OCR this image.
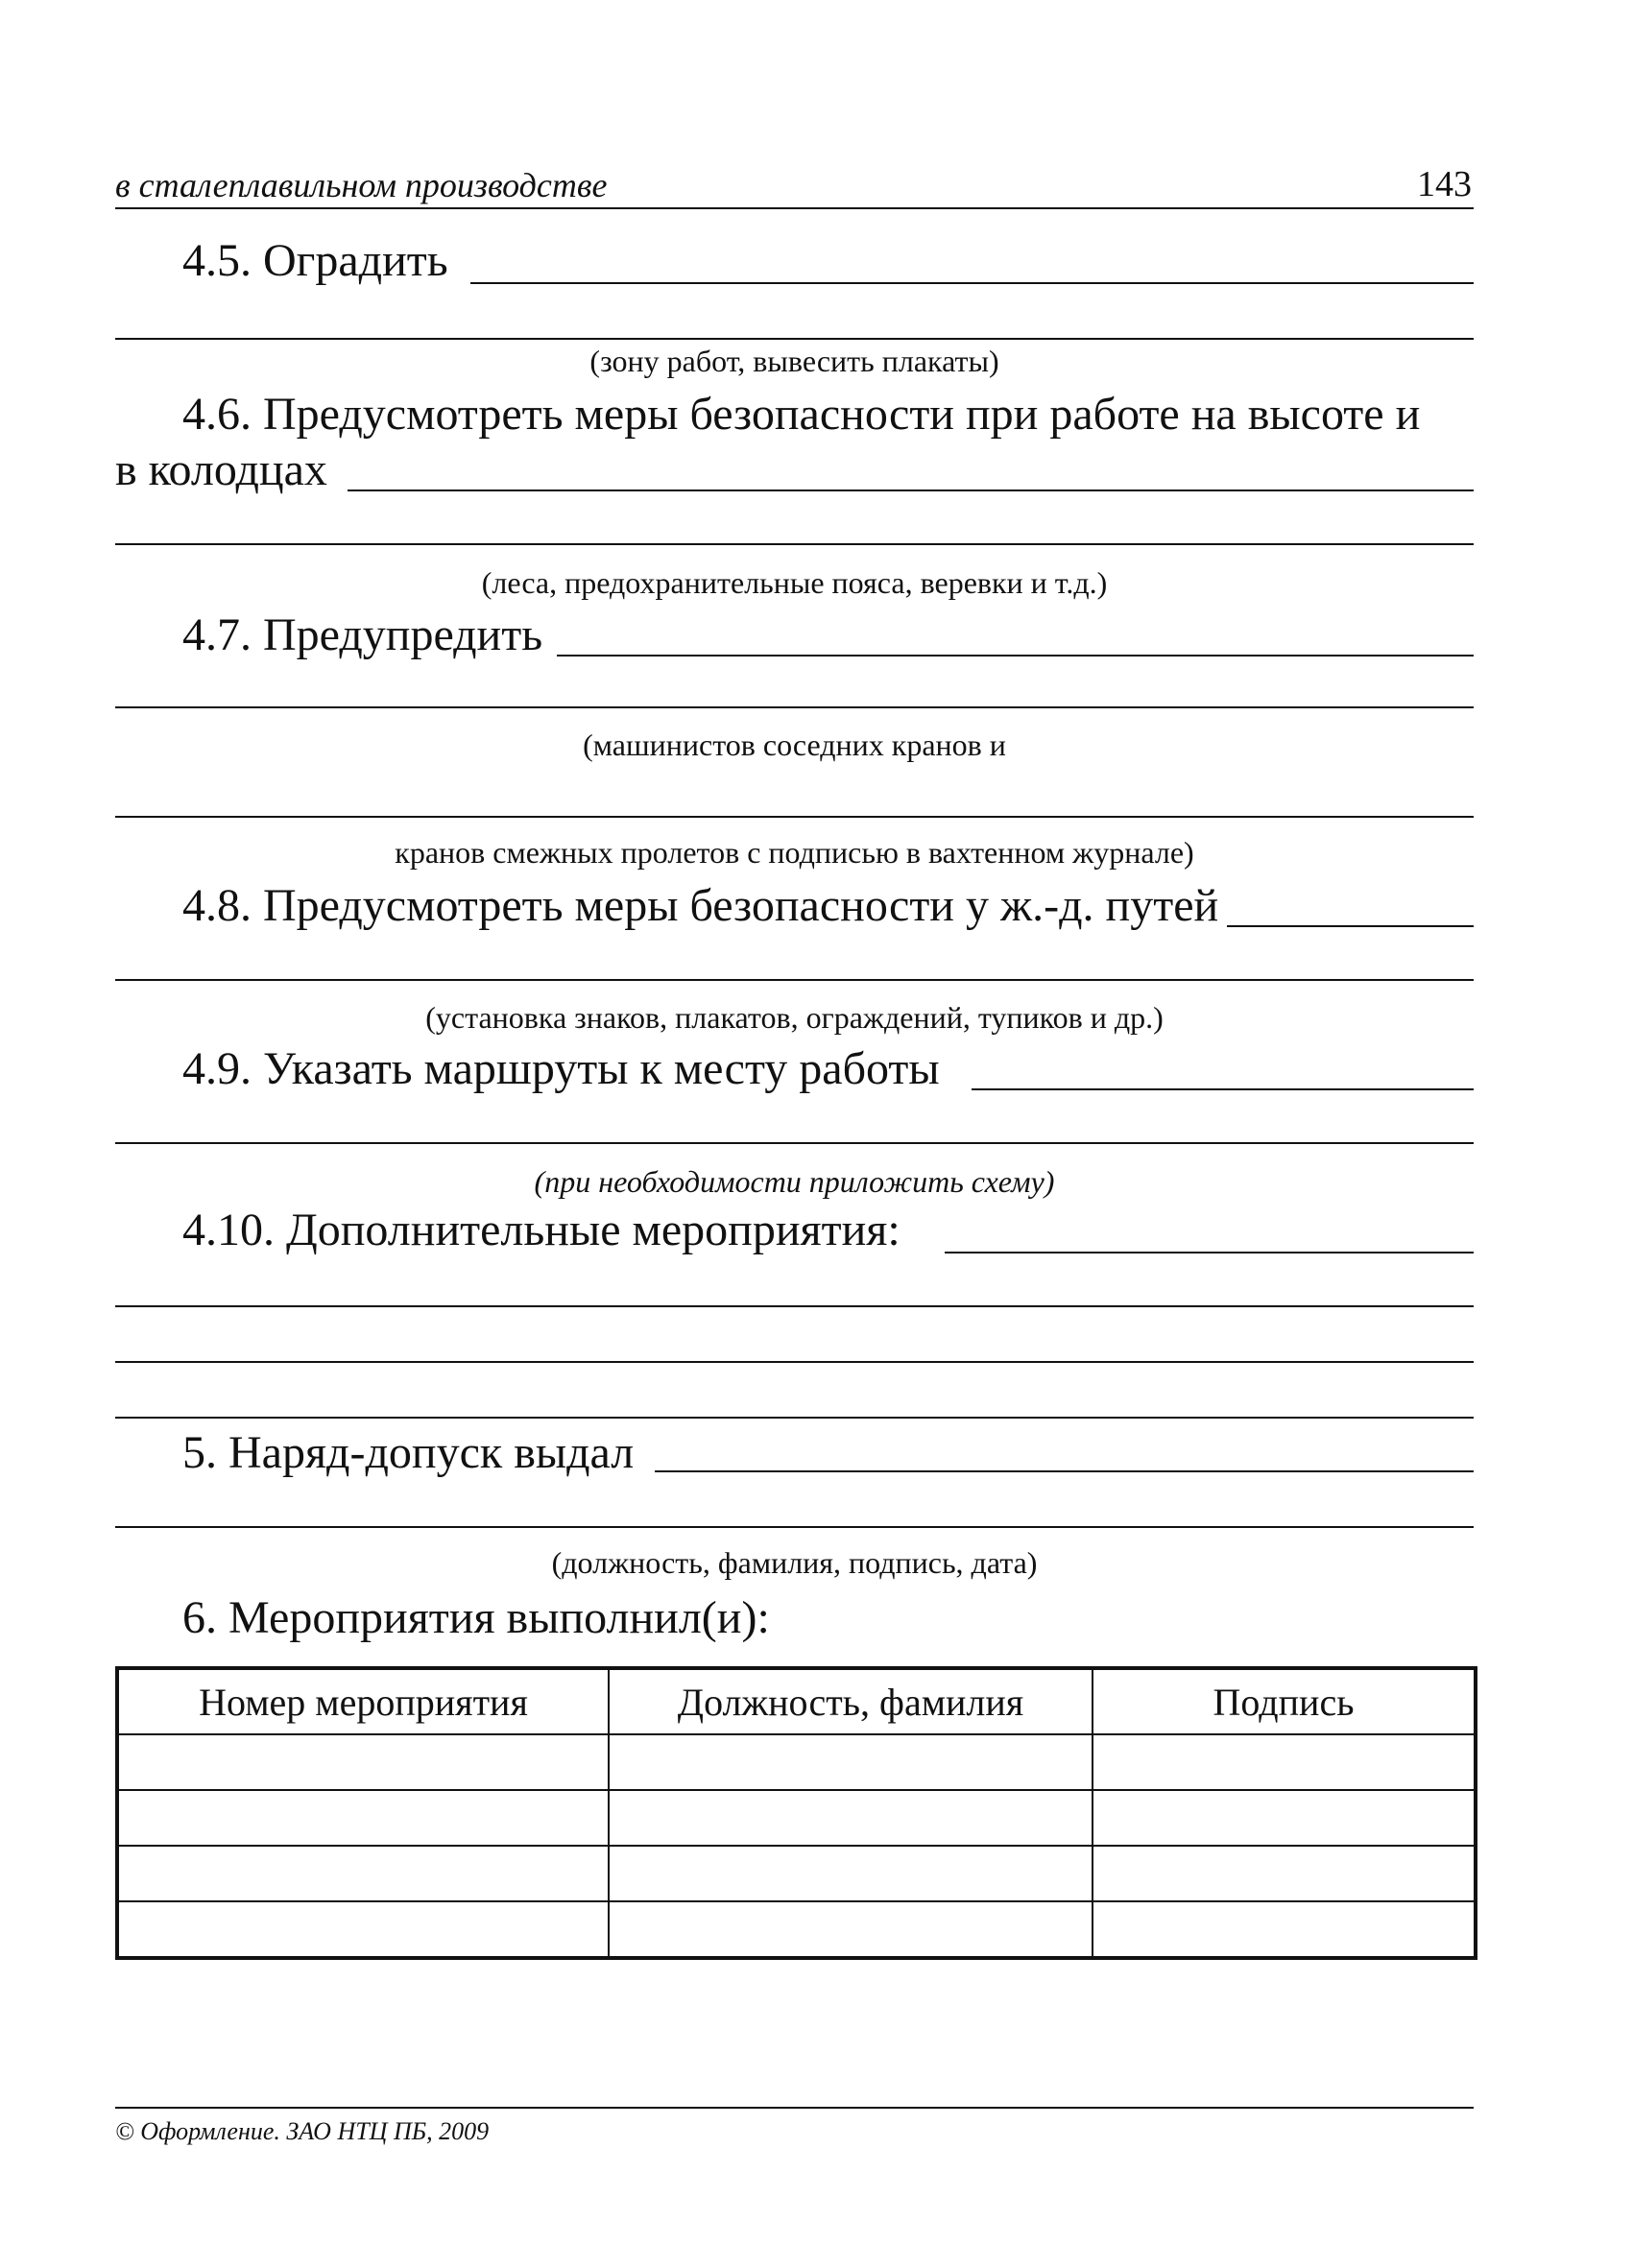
в сталеплавильном производстве	143
4.5. Оградить
(зону работ, вывесить плакаты)
4.6. Предусмотреть меры безопасности при работе на высоте и
в колодцах
(леса, предохранительные пояса, веревки и т.д.)
4.7. Предупредить
(машинистов соседних кранов и
кранов смежных пролетов с подписью в вахтенном журнале)
4.8. Предусмотреть меры безопасности у ж.-д. путей
(установка знаков, плакатов, ограждений, тупиков и др.)
4.9. Указать маршруты к месту работы
(при необходимости приложить схему)
4.10. Дополнительные мероприятия:
5. Наряд-допуск выдал
(должность, фамилия, подпись, дата)
6. Мероприятия выполнил(и):
Номер мероприятия	Должность, фамилия	Подпись

© Оформление. ЗАО НТЦ ПБ, 2009
